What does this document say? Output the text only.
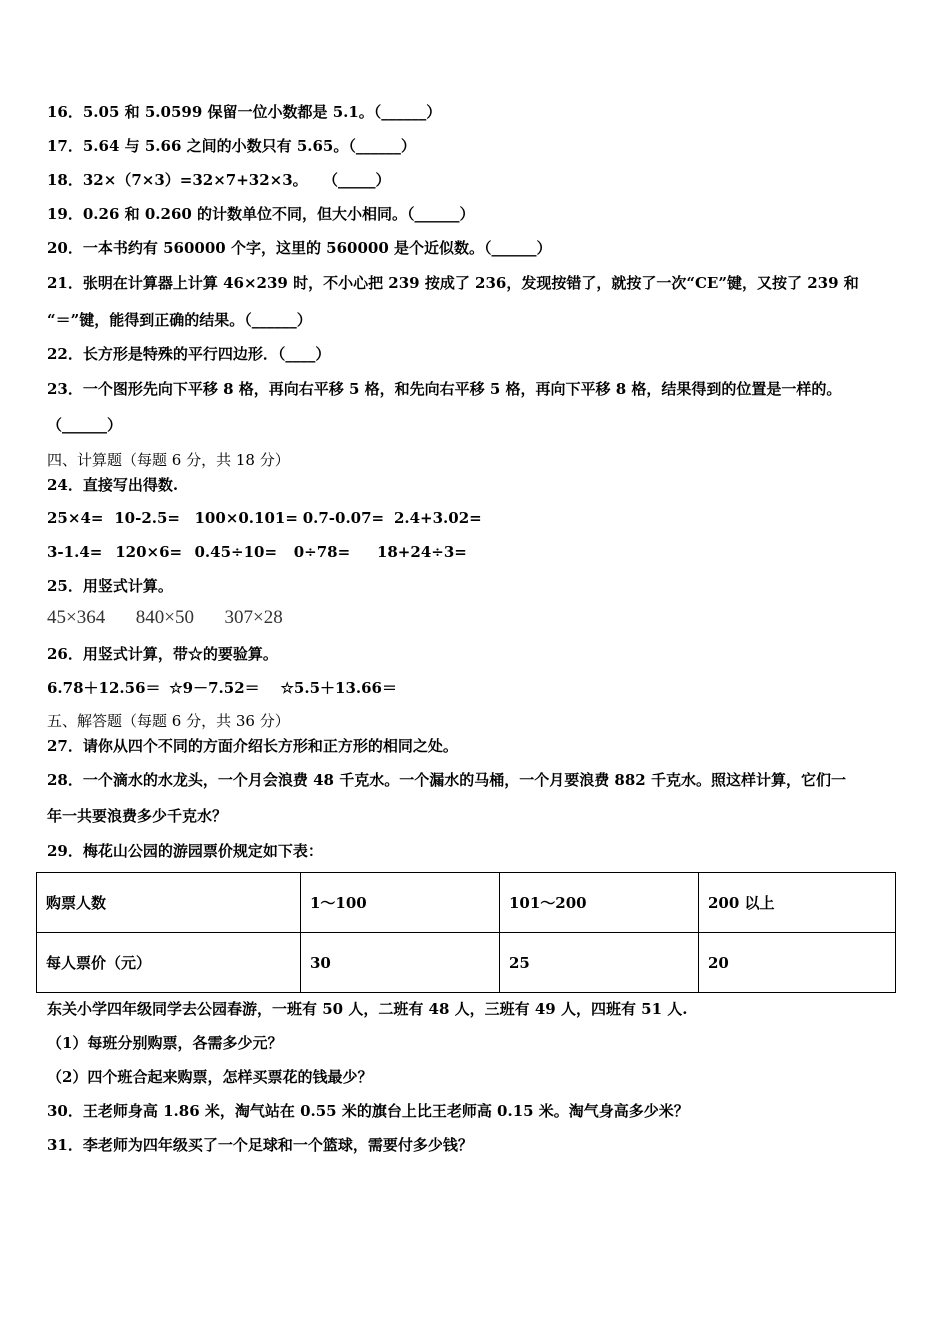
16．5.05 和 5.0599 保留一位小数都是 5.1。（______）
17．5.64 与 5.66 之间的小数只有 5.65。（______）
18．32×（7×3）=32×7+32×3。 （_____）
19．0.26 和 0.260 的计数单位不同，但大小相同。（______）
20．一本书约有 560000 个字，这里的 560000 是个近似数。（______）
21．张明在计算器上计算 46×239 时，不小心把 239 按成了 236，发现按错了，就按了一次“CE”键，又按了 239 和
“＝”键，能得到正确的结果。（______）
22．长方形是特殊的平行四边形．（____）
23．一个图形先向下平移 8 格，再向右平移 5 格，和先向右平移 5 格，再向下平移 8 格，结果得到的位置是一样的。
（______）
四、计算题（每题 6 分，共 18 分）
24．直接写出得数.
25×4= 10-2.5= 100×0.101= 0.7-0.07= 2.4+3.02=
3-1.4= 120×6= 0.45÷10= 0÷78= 18+24÷3=
25．用竖式计算。
45×364 840×50 307×28
26．用竖式计算，带☆的要验算。
6.78＋12.56＝ ☆9－7.52＝ ☆5.5＋13.66＝
五、解答题（每题 6 分，共 36 分）
27．请你从四个不同的方面介绍长方形和正方形的相同之处。
28．一个滴水的水龙头，一个月会浪费 48 千克水。一个漏水的马桶，一个月要浪费 882 千克水。照这样计算，它们一
年一共要浪费多少千克水？
29．梅花山公园的游园票价规定如下表：
购票人数	1～100	101～200	200 以上
每人票价（元）	30	25	20
东关小学四年级同学去公园春游，一班有 50 人，二班有 48 人，三班有 49 人，四班有 51 人.
（1）每班分别购票，各需多少元？
（2）四个班合起来购票，怎样买票花的钱最少？
30．王老师身高 1.86 米，淘气站在 0.55 米的旗台上比王老师高 0.15 米。淘气身高多少米？
31．李老师为四年级买了一个足球和一个篮球，需要付多少钱？
